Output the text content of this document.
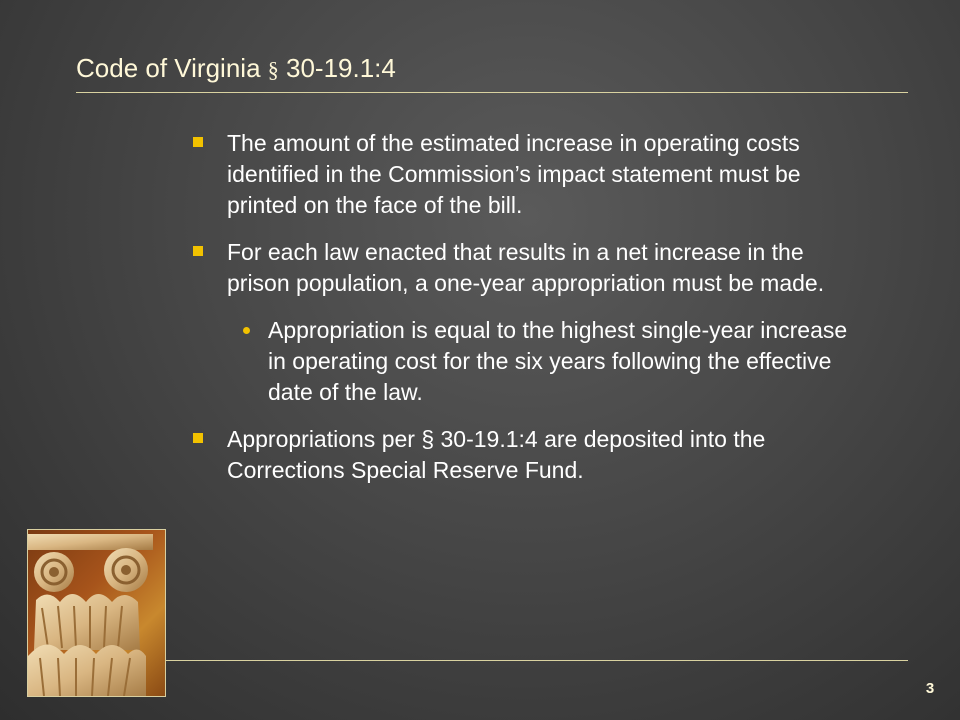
Code of Virginia § 30-19.1:4
The amount of the estimated increase in operating costs identified in the Commission’s impact statement must be printed on the face of the bill.
For each law enacted that results in a net increase in the prison population, a one-year appropriation must be made.
Appropriation is equal to the highest single-year increase in operating cost for the six years following the effective date of the law.
Appropriations per § 30-19.1:4 are deposited into the Corrections Special Reserve Fund.
3
